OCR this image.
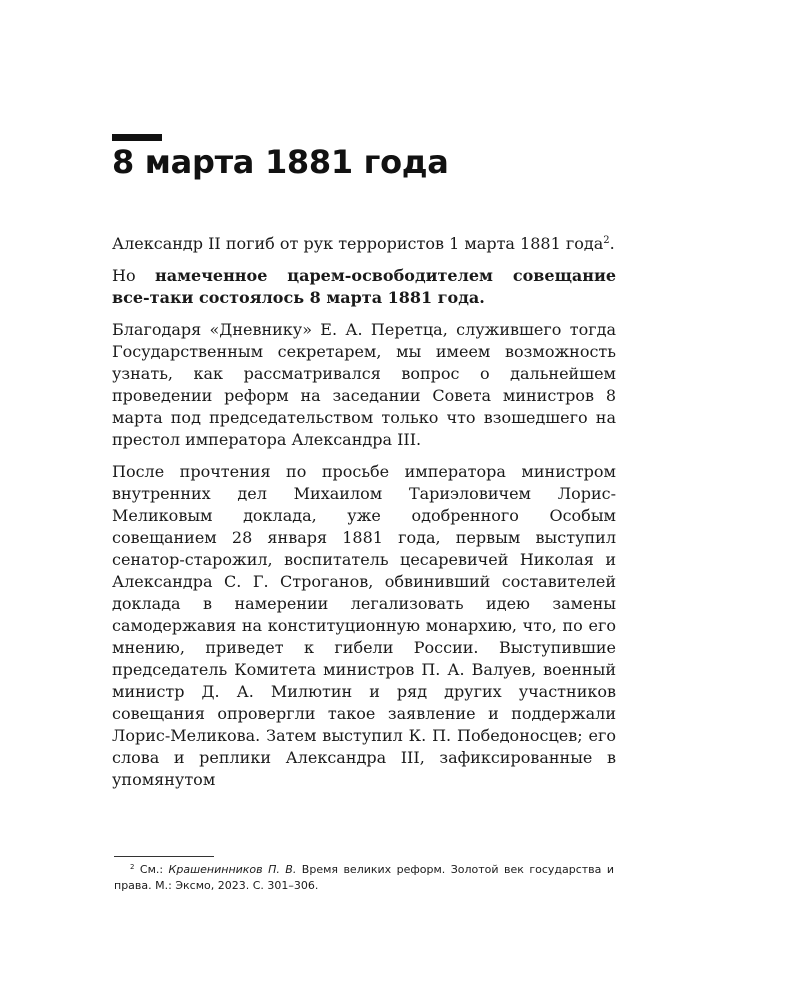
8 марта 1881 года

Александр II погиб от рук террористов 1 марта 1881 года$^2$.

Но намеченное царем-освободителем совещание все-таки состоялось 8 марта 1881 года.

Благодаря «Дневнику» Е. А. Перетца, служившего тогда Государственным секретарем, мы имеем возможность узнать, как рассматривался вопрос о дальнейшем проведении реформ на заседании Совета министров 8 марта под председательством только что взошедшего на престол императора Александра III.

После прочтения по просьбе императора министром внутренних дел Михаилом Тариэловичем Лорис-Меликовым доклада, уже одобренного Особым совещанием 28 января 1881 года, первым выступил сенатор-старожил, воспитатель цесаревичей Николая и Александра С. Г. Строганов, обвинивший составителей доклада в намерении легализовать идею замены самодержавия на конституционную монархию, что, по его мнению, приведет к гибели России. Выступившие председатель Комитета министров П. А. Валуев, военный министр Д. А. Милютин и ряд других участников совещания опровергли такое заявление и поддержали Лорис-Меликова. Затем выступил К. П. Победоносцев; его слова и реплики Александра III, зафиксированные в упомянутом

$^2$ См.: Крашенинников П. В. Время великих реформ. Золотой век государства и права. М.: Эксмо, 2023. С. 301–306.
